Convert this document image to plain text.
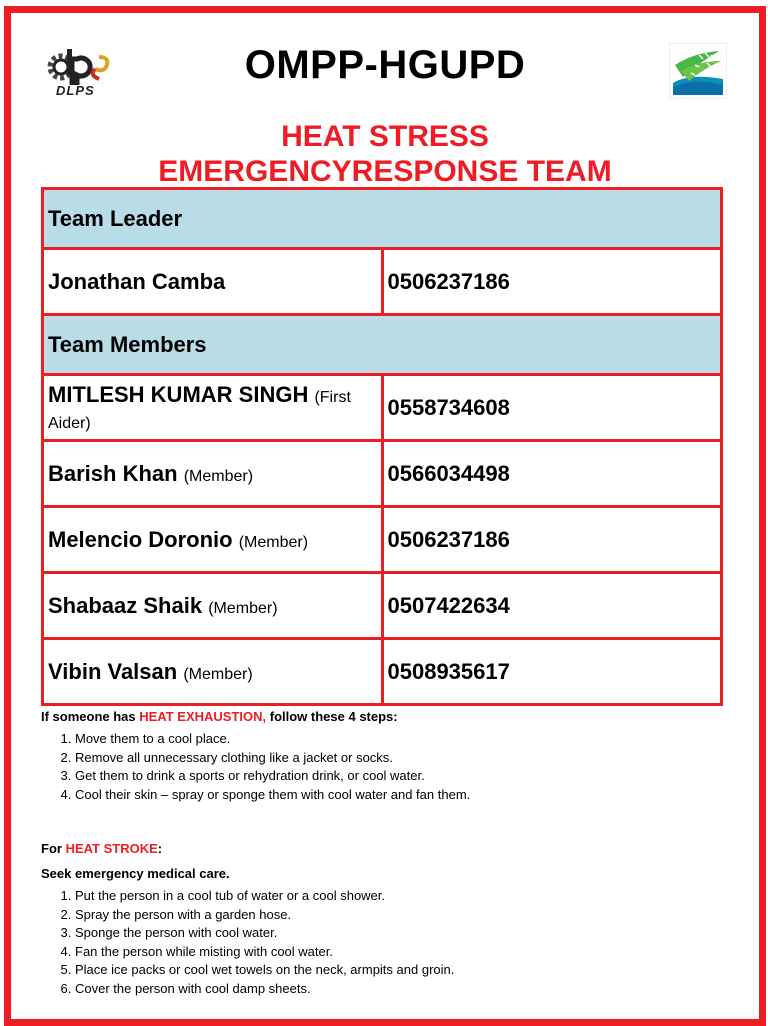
DLPS
OMPP-HGUPD
HEAT STRESS
EMERGENCYRESPONSE TEAM
Team Leader	
Jonathan Camba	0506237186
Team Members	
MITLESH KUMAR SINGH (First Aider)	0558734608
Barish Khan (Member)	0566034498
Melencio Doronio (Member)	0506237186
Shabaaz Shaik (Member)	0507422634
Vibin Valsan (Member)	0508935617

If someone has HEAT EXHAUSTION, follow these 4 steps:

1. Move them to a cool place.
2. Remove all unnecessary clothing like a jacket or socks.
3. Get them to drink a sports or rehydration drink, or cool water.
4. Cool their skin – spray or sponge them with cool water and fan them.

For HEAT STROKE:

Seek emergency medical care.

1. Put the person in a cool tub of water or a cool shower.
2. Spray the person with a garden hose.
3. Sponge the person with cool water.
4. Fan the person while misting with cool water.
5. Place ice packs or cool wet towels on the neck, armpits and groin.
6. Cover the person with cool damp sheets.
